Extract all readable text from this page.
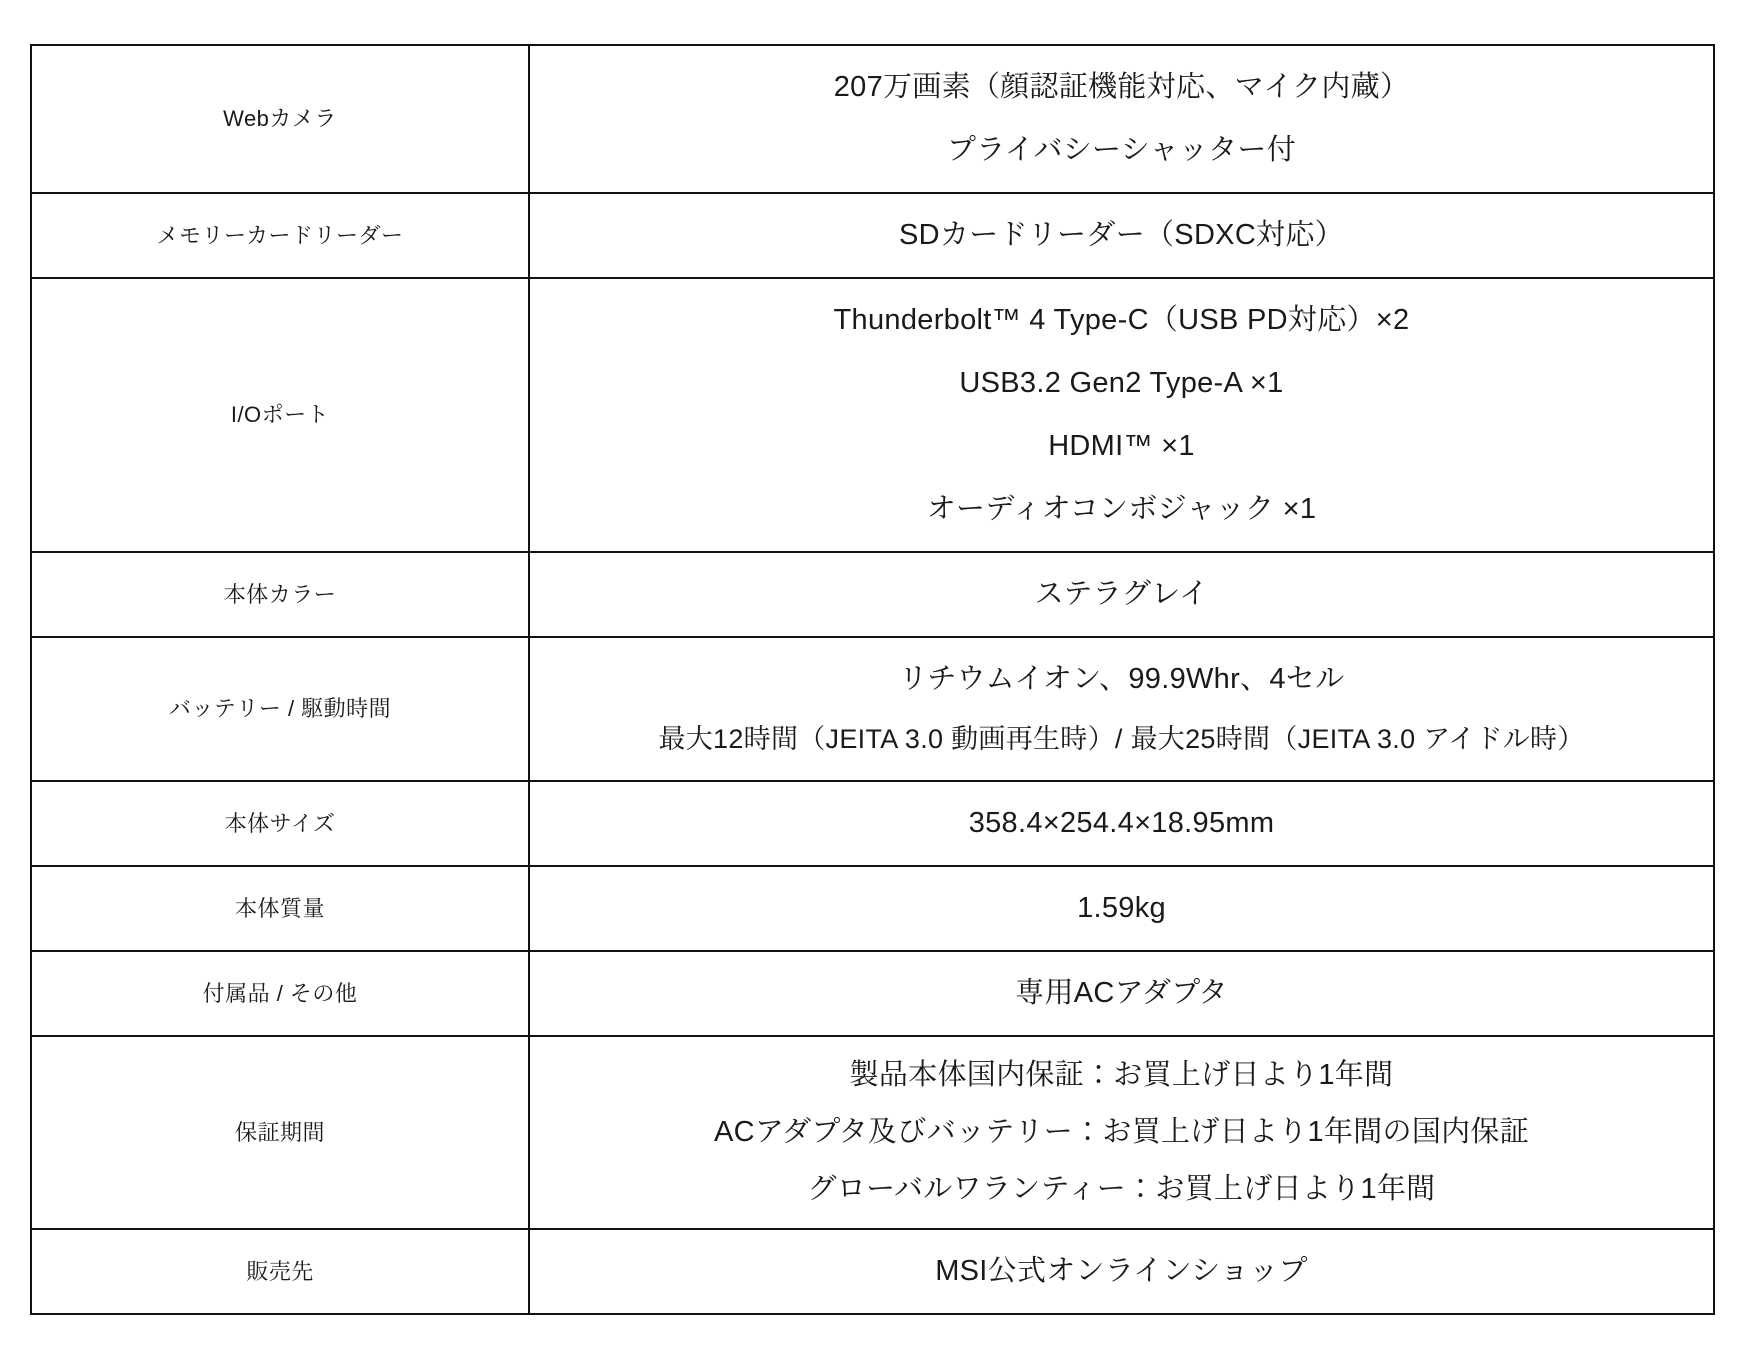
Webカメラ	207万画素（顔認証機能対応、マイク内蔵）
プライバシーシャッター付

メモリーカードリーダー	SDカードリーダー（SDXC対応）

I/Oポート	Thunderbolt™ 4 Type-C（USB PD対応）×2
USB3.2 Gen2 Type-A ×1
HDMI™ ×1
オーディオコンボジャック ×1

本体カラー	ステラグレイ

バッテリー / 駆動時間	リチウムイオン、99.9Whr、4セル
最大12時間（JEITA 3.0 動画再生時）/ 最大25時間（JEITA 3.0 アイドル時）

本体サイズ	358.4×254.4×18.95mm

本体質量	1.59kg

付属品 / その他	専用ACアダプタ

保証期間	製品本体国内保証：お買上げ日より1年間
ACアダプタ及びバッテリー：お買上げ日より1年間の国内保証
グローバルワランティー：お買上げ日より1年間

販売先	MSI公式オンラインショップ
